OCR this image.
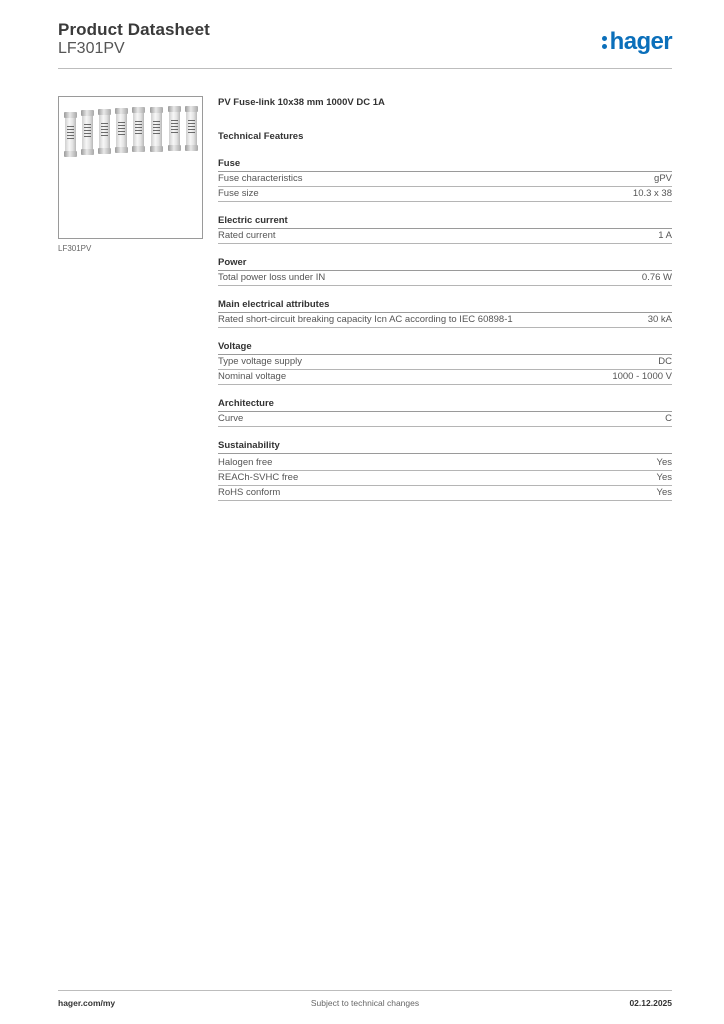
Product Datasheet
LF301PV	hager
LF301PV
PV Fuse-link 10x38 mm 1000V DC 1A
Technical Features
Fuse
Fuse characteristics	gPV
Fuse size	10.3 x 38
Electric current
Rated current	1 A
Power
Total power loss under IN	0.76 W
Main electrical attributes
Rated short-circuit breaking capacity Icn AC according to IEC 60898-1	30 kA
Voltage
Type voltage supply	DC
Nominal voltage	1000 - 1000 V
Architecture
Curve	C
Sustainability
Halogen free	Yes
REACh-SVHC free	Yes
RoHS conform	Yes
hager.com/my	Subject to technical changes	02.12.2025
